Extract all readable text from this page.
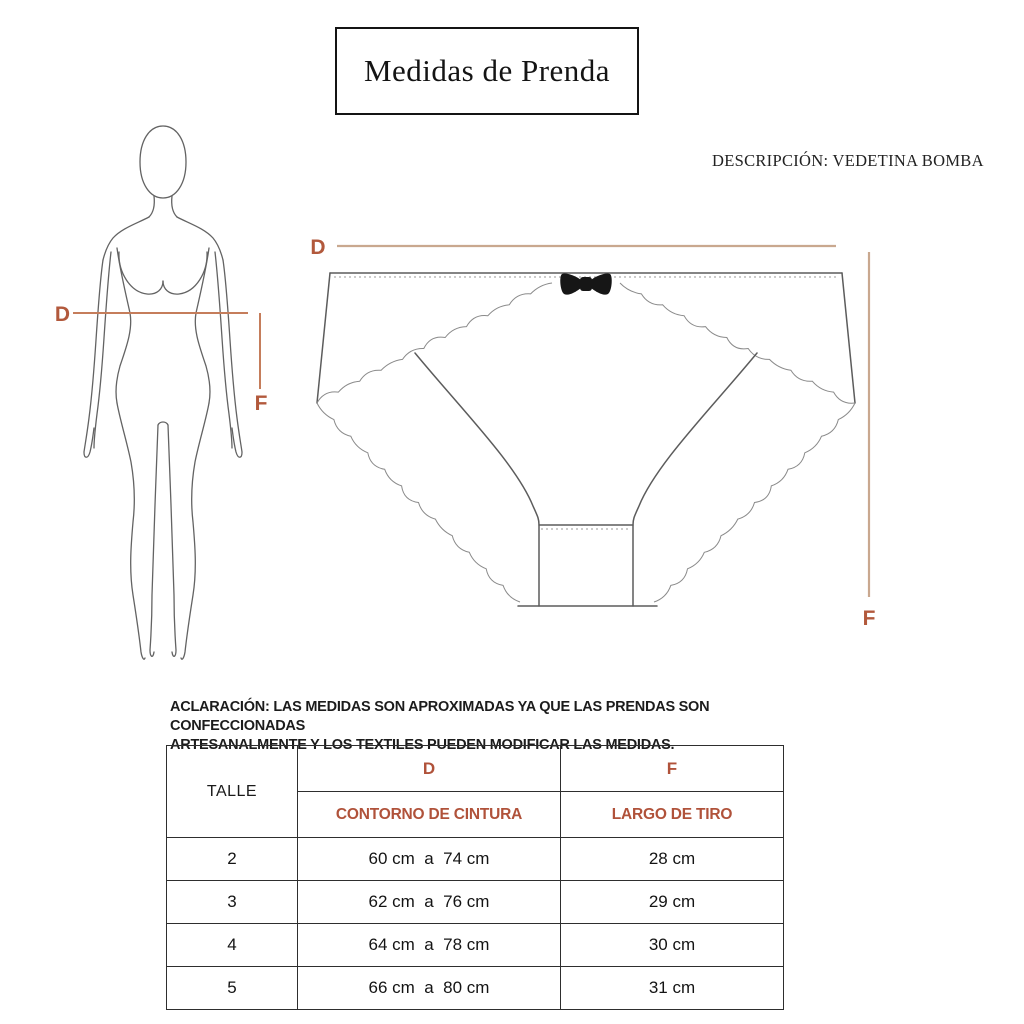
Medidas de Prenda
DESCRIPCIÓN: VEDETINA BOMBA
D
F
D
F
ACLARACIÓN: LAS MEDIDAS SON APROXIMADAS YA QUE LAS PRENDAS SON CONFECCIONADAS
ARTESANALMENTE Y LOS TEXTILES PUEDEN MODIFICAR LAS MEDIDAS.
TALLE	D	F
	CONTORNO DE CINTURA	LARGO DE TIRO
2	60 cm  a  74 cm	28 cm
3	62 cm  a  76 cm	29 cm
4	64 cm  a  78 cm	30 cm
5	66 cm  a  80 cm	31 cm
